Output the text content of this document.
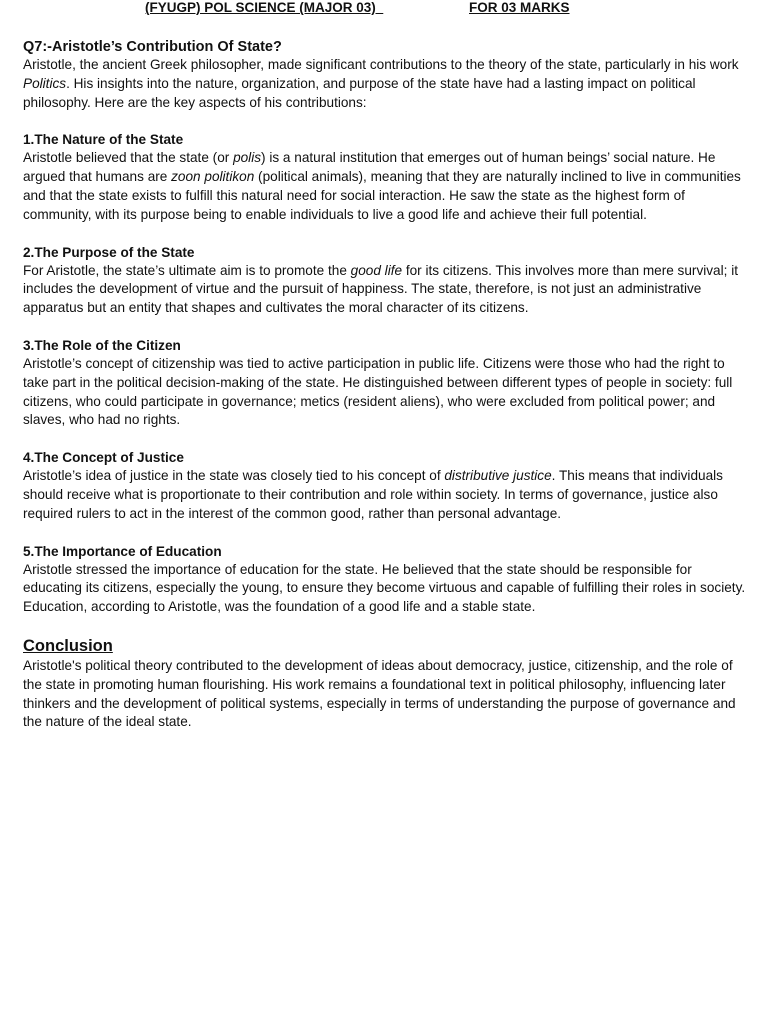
(FYUGP) POL SCIENCE (MAJOR 03)	FOR 03 MARKS
Q7:-Aristotle’s Contribution Of State?

Aristotle, the ancient Greek philosopher, made significant contributions to the theory of the state, particularly in his work Politics. His insights into the nature, organization, and purpose of the state have had a lasting impact on political philosophy. Here are the key aspects of his contributions:

1.The Nature of the State

Aristotle believed that the state (or polis) is a natural institution that emerges out of human beings’ social nature. He argued that humans are zoon politikon (political animals), meaning that they are naturally inclined to live in communities and that the state exists to fulfill this natural need for social interaction. He saw the state as the highest form of community, with its purpose being to enable individuals to live a good life and achieve their full potential.

2.The Purpose of the State

For Aristotle, the state’s ultimate aim is to promote the good life for its citizens. This involves more than mere survival; it includes the development of virtue and the pursuit of happiness. The state, therefore, is not just an administrative apparatus but an entity that shapes and cultivates the moral character of its citizens.

3.The Role of the Citizen

Aristotle’s concept of citizenship was tied to active participation in public life. Citizens were those who had the right to take part in the political decision-making of the state. He distinguished between different types of people in society: full citizens, who could participate in governance; metics (resident aliens), who were excluded from political power; and slaves, who had no rights.

4.The Concept of Justice

Aristotle’s idea of justice in the state was closely tied to his concept of distributive justice. This means that individuals should receive what is proportionate to their contribution and role within society. In terms of governance, justice also required rulers to act in the interest of the common good, rather than personal advantage.

5.The Importance of Education

Aristotle stressed the importance of education for the state. He believed that the state should be responsible for educating its citizens, especially the young, to ensure they become virtuous and capable of fulfilling their roles in society. Education, according to Aristotle, was the foundation of a good life and a stable state.

Conclusion

Aristotle's political theory contributed to the development of ideas about democracy, justice, citizenship, and the role of the state in promoting human flourishing. His work remains a foundational text in political philosophy, influencing later thinkers and the development of political systems, especially in terms of understanding the purpose of governance and the nature of the ideal state.
